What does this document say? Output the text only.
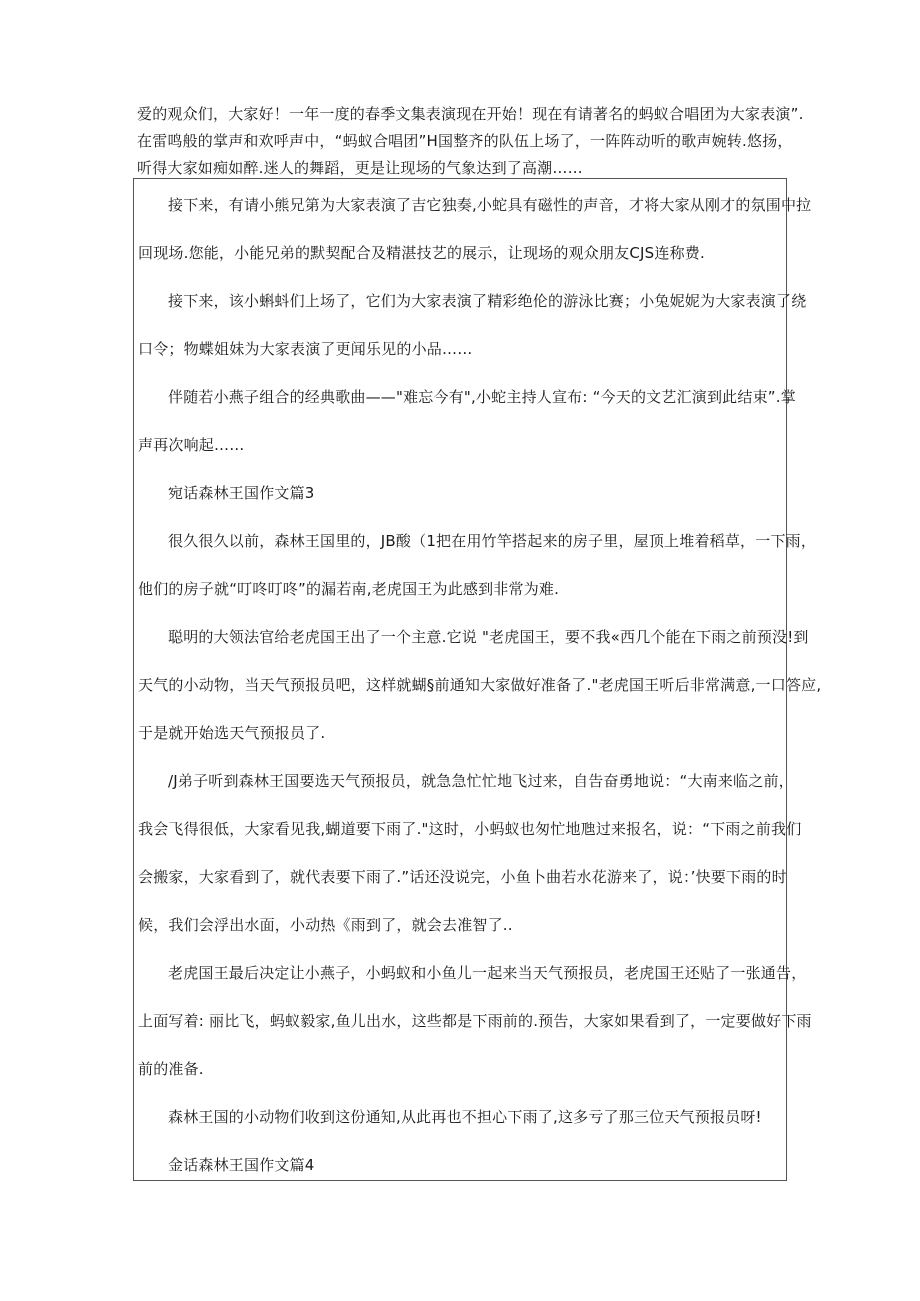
爱的观众们，大家好！一年一度的春季文集表演现在开始！现在有请著名的蚂蚁合唱团为大家表演”.

在雷鸣般的掌声和欢呼声中，“蚂蚁合唱团”H国整齐的队伍上场了，一阵阵动听的歌声婉转.悠扬，

听得大家如痴如醉.迷人的舞蹈，更是让现场的气象达到了高潮……

接下来，有请小熊兄第为大家表演了吉它独奏,小蛇具有磁性的声音，才将大家从刚才的氛围中拉
回现场.您能，小能兄弟的默契配合及精湛技艺的展示，让现场的观众朋友CJS连称费.
接下来，该小蝌蚪们上场了，它们为大家表演了精彩绝伦的游泳比赛；小兔妮妮为大家表演了绕
口令；物蝶姐妹为大家表演了更闻乐见的小品……
伴随若小燕子组合的经典歌曲——"难忘今有",小蛇主持人宣布: “今天的文艺汇演到此结束”.掌
声再次响起……
宛话森林王国作文篇3
很久很久以前，森林王国里的，JB酸（1把在用竹竿搭起来的房子里，屋顶上堆着稻草，一下雨，
他们的房子就“叮咚叮咚”的漏若南,老虎国王为此感到非常为难.
聪明的大领法官给老虎国王出了一个主意.它说 "老虎国王，要不我«西几个能在下雨之前预没!到
天气的小动物，当天气预报员吧，这样就蝴§前通知大家做好准备了."老虎国王听后非常满意,一口答应,
于是就开始选天气预报员了.
/J弟子听到森林王国要选天气预报员，就急急忙忙地飞过来，自告奋勇地说：“大南来临之前，
我会飞得很低，大家看见我,蝴道要下雨了."这时，小蚂蚁也匆忙地虺过来报名，说：“下雨之前我们
会搬家，大家看到了，就代表要下雨了.”话还没说完，小鱼卜曲若水花游来了，说：’快要下雨的时
候，我们会浮出水面，小动热《雨到了，就会去准智了..
老虎国王最后决定让小燕子，小蚂蚁和小鱼儿一起来当天气预报员，老虎国王还贴了一张通告，
上面写着: 丽比飞，蚂蚁毅家,鱼儿出水，这些都是下雨前的.预告，大家如果看到了，一定要做好下雨
前的准备.
森林王国的小动物们收到这份通知,从此再也不担心下雨了,这多亏了那三位天气预报员呀!
金话森林王国作文篇4
